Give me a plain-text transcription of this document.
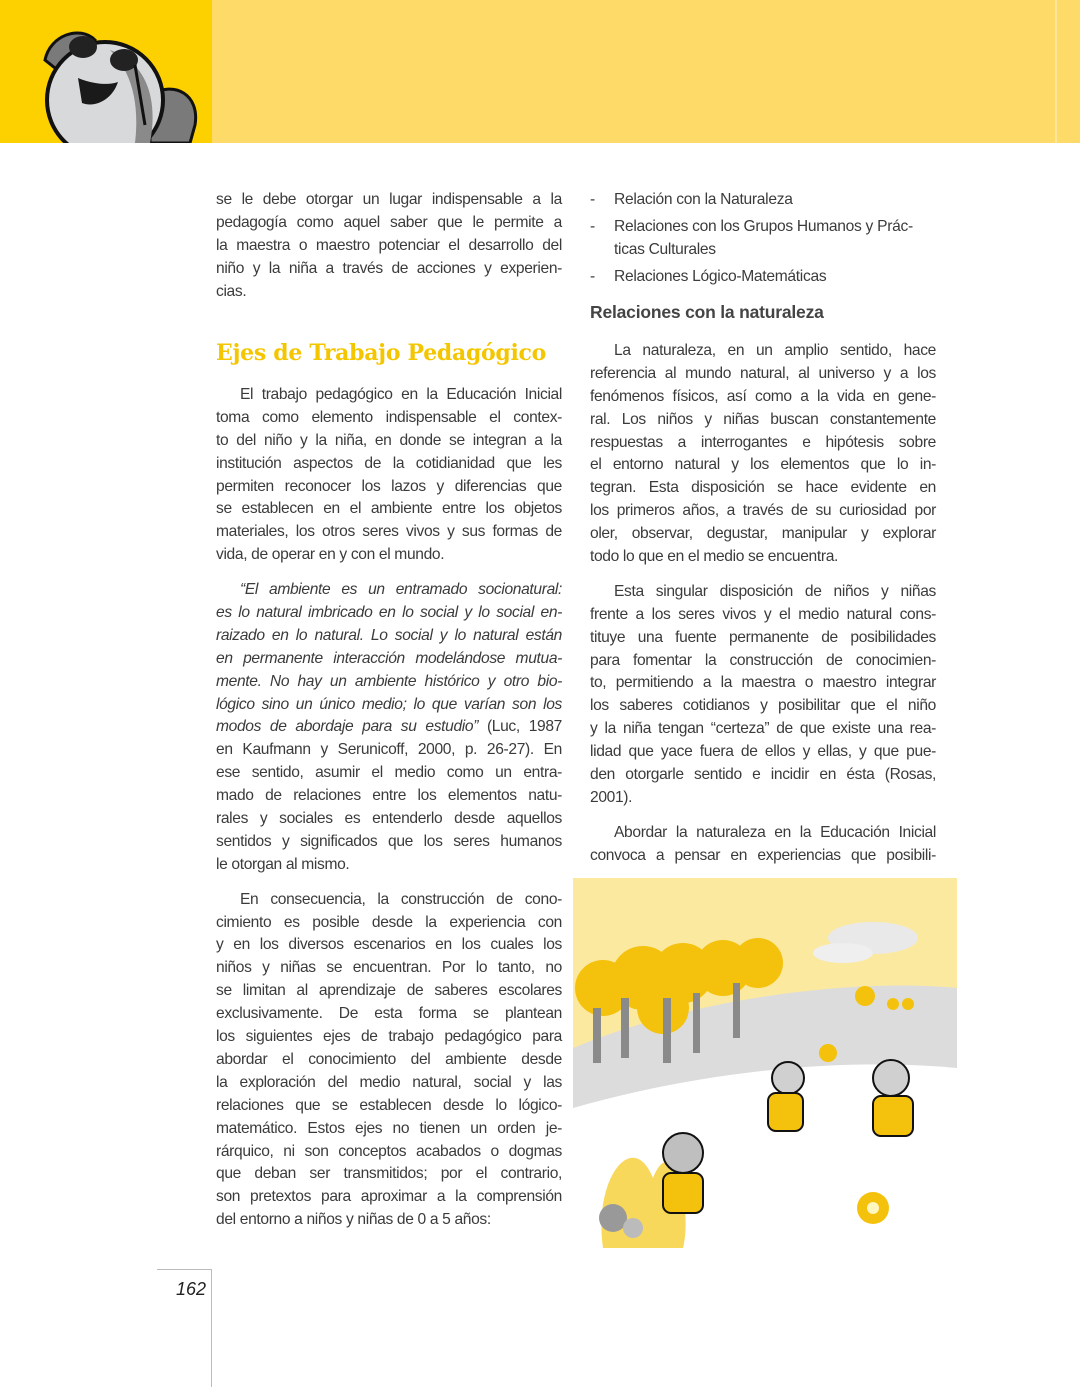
se le debe otorgar un lugar indispensable a la
pedagogía como aquel saber que le permite a
la maestra o maestro potenciar el desarrollo del
niño y la niña a través de acciones y experien-
cias.
Ejes de Trabajo Pedagógico
El trabajo pedagógico en la Educación Inicial
toma como elemento indispensable el contex-
to del niño y la niña, en donde se integran a la
institución aspectos de la cotidianidad que les
permiten reconocer los lazos y diferencias que
se establecen en el ambiente entre los objetos
materiales, los otros seres vivos y sus formas de
vida, de operar en y con el mundo.
“El ambiente es un entramado socionatural:
es lo natural imbricado en lo social y lo social en-
raizado en lo natural. Lo social y lo natural están
en permanente interacción modelándose mutua-
mente. No hay un ambiente histórico y otro bio-
lógico sino un único medio; lo que varían son los
modos de abordaje para su estudio” (Luc, 1987
en Kaufmann y Serunicoff, 2000, p. 26-27). En
ese sentido, asumir el medio como un entra-
mado de relaciones entre los elementos natu-
rales y sociales es entenderlo desde aquellos
sentidos y significados que los seres humanos
le otorgan al mismo.
En consecuencia, la construcción de cono-
cimiento es posible desde la experiencia con
y en los diversos escenarios en los cuales los
niños y niñas se encuentran. Por lo tanto, no
se limitan al aprendizaje de saberes escolares
exclusivamente. De esta forma se plantean
los siguientes ejes de trabajo pedagógico para
abordar el conocimiento del ambiente desde
la exploración del medio natural, social y las
relaciones que se establecen desde lo lógico-
matemático. Estos ejes no tienen un orden je-
rárquico, ni son conceptos acabados o dogmas
que deban ser transmitidos; por el contrario,
son pretextos para aproximar a la comprensión
del entorno a niños y niñas de 0 a 5 años:
-	Relación con la Naturaleza
-	Relaciones con los Grupos Humanos y Prác-
ticas Culturales
-	Relaciones Lógico-Matemáticas
Relaciones con la naturaleza
La naturaleza, en un amplio sentido, hace
referencia al mundo natural, al universo y a los
fenómenos físicos, así como a la vida en gene-
ral. Los niños y niñas buscan constantemente
respuestas a interrogantes e hipótesis sobre
el entorno natural y los elementos que lo in-
tegran. Esta disposición se hace evidente en
los primeros años, a través de su curiosidad por
oler, observar, degustar, manipular y explorar
todo lo que en el medio se encuentra.
Esta singular disposición de niños y niñas
frente a los seres vivos y el medio natural cons-
tituye una fuente permanente de posibilidades
para fomentar la construcción de conocimien-
to, permitiendo a la maestra o maestro integrar
los saberes cotidianos y posibilitar que el niño
y la niña tengan “certeza” de que existe una rea-
lidad que yace fuera de ellos y ellas, y que pue-
den otorgarle sentido e incidir en ésta (Rosas,
2001).
Abordar la naturaleza en la Educación Inicial
convoca a pensar en experiencias que posibili-
162
